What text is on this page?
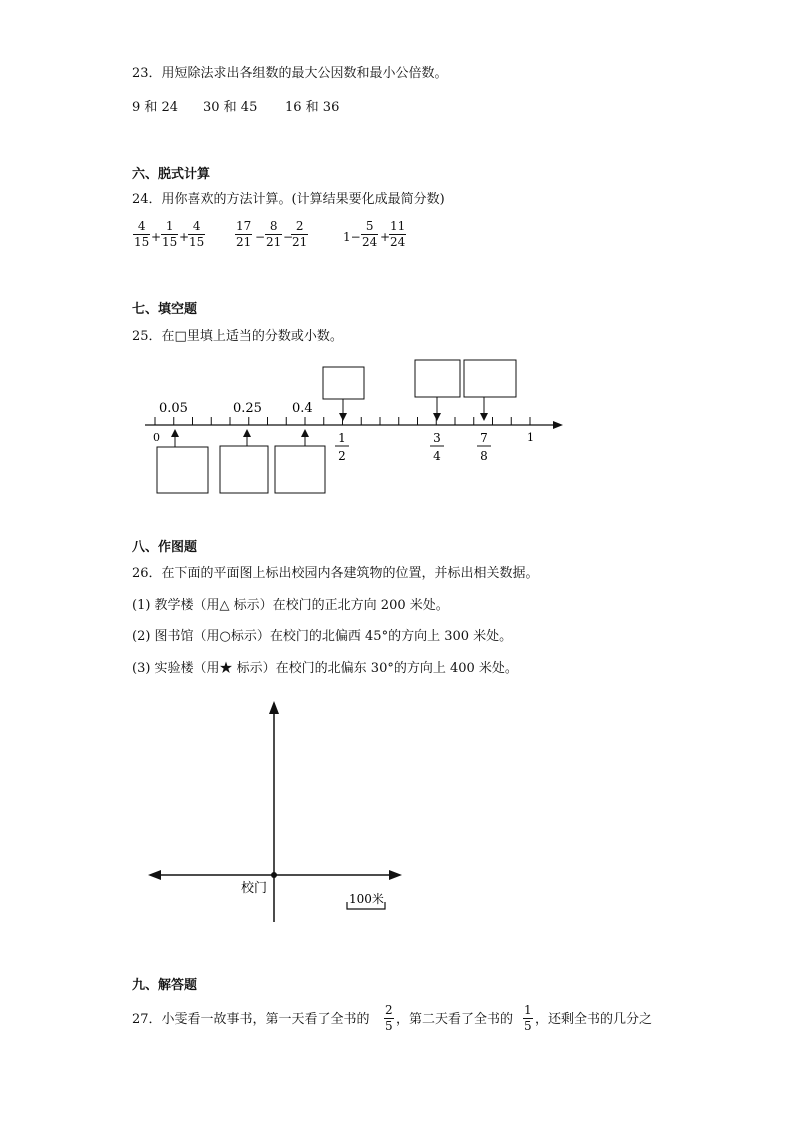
23．用短除法求出各组数的最大公因数和最小公倍数。
9 和 24 30 和 45 16 和 36
六、脱式计算
24．用你喜欢的方法计算。(计算结果要化成最简分数)
$\frac{4}{15} + \frac{1}{15}$ +
$\frac{4}{15} \frac{17}{21} - \frac{8}{21}$ −
$\frac{2}{21}$	$1- \frac{5}{24}$ +
$\frac{11}{24}$
七、填空题
25．在□里填上适当的分数或小数。
0	1
0.05	0.25 0.4
1
2
3
4
7
8
八、作图题
26．在下面的平面图上标出校园内各建筑物的位置，并标出相关数据。
(1) 教学楼（用△ 标示）在校门的正北方向 200 米处。
(2) 图书馆（用○标示）在校门的北偏西 45°的方向上 300 米处。
(3) 实验楼（用★ 标示）在校门的北偏东 30°的方向上 400 米处。
校门
100米
九、解答题
27．小雯看一故事书，第一天看了全书的 $\frac{2}{5}$ ，第二天看了全书的 $\frac{1}{5}$ ，还剩全书的几分之
